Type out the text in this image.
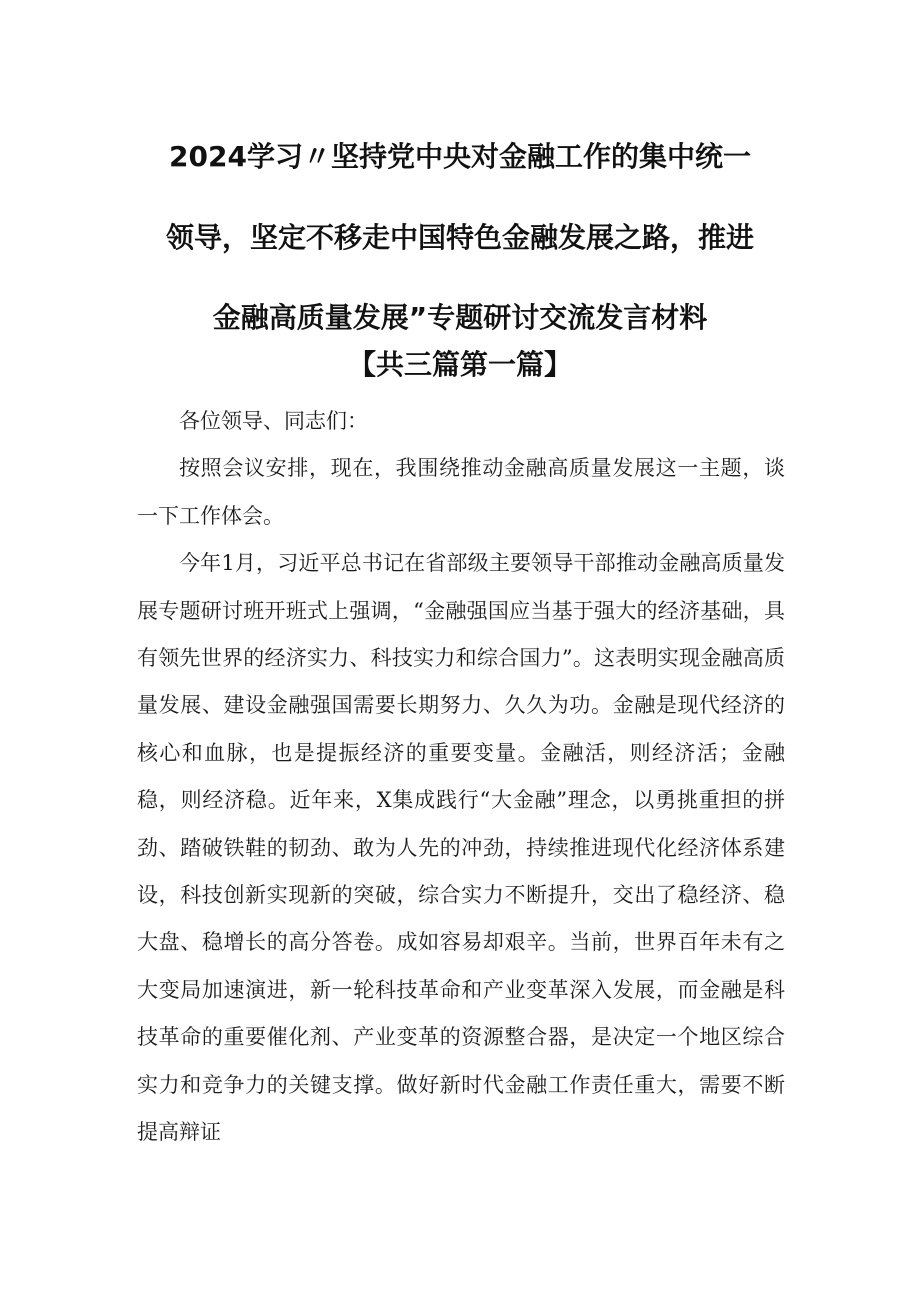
2024学习〃坚持党中央对金融工作的集中统一
领导，坚定不移走中国特色金融发展之路，推进
金融高质量发展”专题研讨交流发言材料
【共三篇第一篇】

各位领导、同志们：

按照会议安排，现在，我围绕推动金融高质量发展这一主题，谈一下工作体会。

今年1月，习近平总书记在省部级主要领导干部推动金融高质量发展专题研讨班开班式上强调，“金融强国应当基于强大的经济基础，具有领先世界的经济实力、科技实力和综合国力”。这表明实现金融高质量发展、建设金融强国需要长期努力、久久为功。金融是现代经济的核心和血脉，也是提振经济的重要变量。金融活，则经济活；金融稳，则经济稳。近年来，X集成践行“大金融”理念，以勇挑重担的拼劲、踏破铁鞋的韧劲、敢为人先的冲劲，持续推进现代化经济体系建设，科技创新实现新的突破，综合实力不断提升，交出了稳经济、稳大盘、稳增长的高分答卷。成如容易却艰辛。当前，世界百年未有之大变局加速演进，新一轮科技革命和产业变革深入发展，而金融是科技革命的重要催化剂、产业变革的资源整合器，是决定一个地区综合实力和竞争力的关键支撑。做好新时代金融工作责任重大，需要不断提高辩证
